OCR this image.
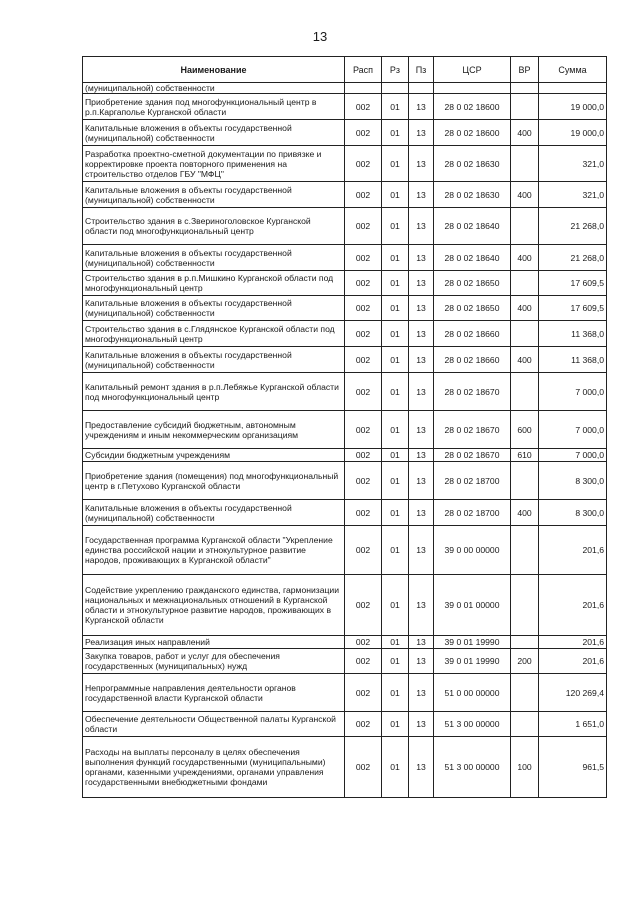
13
Наименование	Расп	Рз	Пз	ЦСР	ВР	Сумма
(муниципальной) собственности						
Приобретение здания под многофункциональный центр в р.п.Каргаполье Курганской области	002	01	13	28 0 02 18600		19 000,0
Капитальные вложения в объекты государственной (муниципальной) собственности	002	01	13	28 0 02 18600	400	19 000,0
Разработка проектно-сметной документации по привязке и корректировке проекта повторного применения на строительство отделов ГБУ "МФЦ"	002	01	13	28 0 02 18630		321,0
Капитальные вложения в объекты государственной (муниципальной) собственности	002	01	13	28 0 02 18630	400	321,0
Строительство здания в с.Звериноголовское Курганской области под многофункциональный центр	002	01	13	28 0 02 18640		21 268,0
Капитальные вложения в объекты государственной (муниципальной) собственности	002	01	13	28 0 02 18640	400	21 268,0
Строительство здания в р.п.Мишкино Курганской области под многофункциональный центр	002	01	13	28 0 02 18650		17 609,5
Капитальные вложения в объекты государственной (муниципальной) собственности	002	01	13	28 0 02 18650	400	17 609,5
Строительство здания в с.Глядянское Курганской области под многофункциональный центр	002	01	13	28 0 02 18660		11 368,0
Капитальные вложения в объекты государственной (муниципальной) собственности	002	01	13	28 0 02 18660	400	11 368,0
Капитальный ремонт здания в р.п.Лебяжье Курганской области под многофункциональный центр	002	01	13	28 0 02 18670		7 000,0
Предоставление субсидий бюджетным, автономным учреждениям и иным некоммерческим организациям	002	01	13	28 0 02 18670	600	7 000,0
Субсидии бюджетным учреждениям	002	01	13	28 0 02 18670	610	7 000,0
Приобретение здания (помещения) под многофункциональный центр в г.Петухово Курганской области	002	01	13	28 0 02 18700		8 300,0
Капитальные вложения в объекты государственной (муниципальной) собственности	002	01	13	28 0 02 18700	400	8 300,0
Государственная программа Курганской области "Укрепление единства российской нации и этнокультурное развитие народов, проживающих в Курганской области"	002	01	13	39 0 00 00000		201,6
Содействие укреплению гражданского единства, гармонизации национальных и межнациональных отношений в Курганской области и этнокультурное развитие народов, проживающих в Курганской области	002	01	13	39 0 01 00000		201,6
Реализация иных направлений	002	01	13	39 0 01 19990		201,6
Закупка товаров, работ и услуг для обеспечения государственных (муниципальных) нужд	002	01	13	39 0 01 19990	200	201,6
Непрограммные направления деятельности органов государственной власти Курганской области	002	01	13	51 0 00 00000		120 269,4
Обеспечение деятельности Общественной палаты Курганской области	002	01	13	51 3 00 00000		1 651,0
Расходы на выплаты персоналу в целях обеспечения выполнения функций государственными (муниципальными) органами, казенными учреждениями, органами управления государственными внебюджетными фондами	002	01	13	51 3 00 00000	100	961,5
